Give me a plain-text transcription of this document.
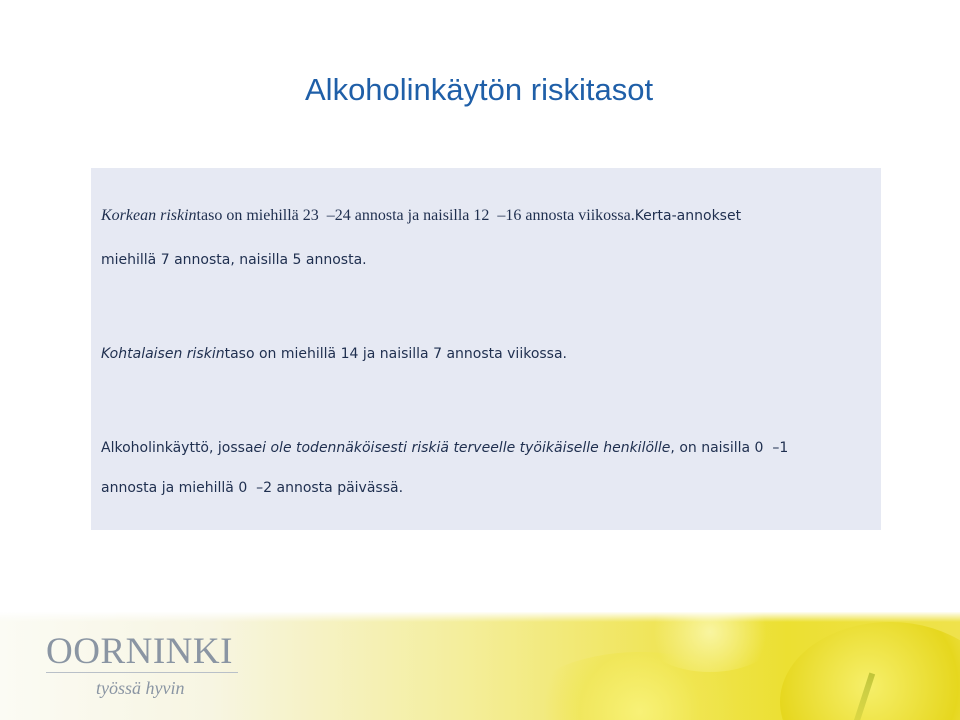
Alkoholinkäytön riskitasot
Korkean riskintaso on miehillä 23  –24 annosta ja naisilla 12  –16 annosta viikossa.Kerta-annokset
miehillä 7 annosta, naisilla 5 annosta.
Kohtalaisen riskintaso on miehillä 14 ja naisilla 7 annosta viikossa.
Alkoholinkäyttö, jossaei ole todennäköisesti riskiä terveelle työikäiselle henkilölle, on naisilla 0  –1
annosta ja miehillä 0  –2 annosta päivässä.
OORNINKI
työssä hyvin
